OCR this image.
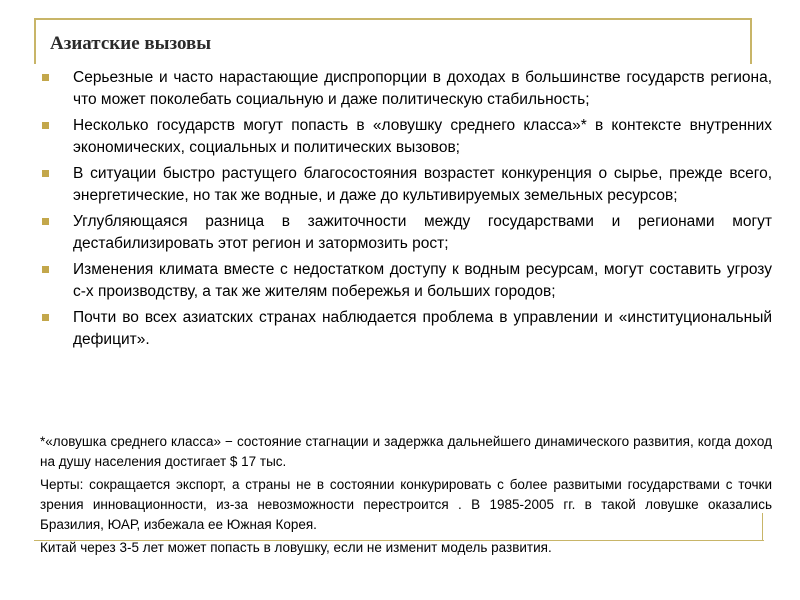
Азиатские вызовы
Серьезные и часто нарастающие диспропорции в доходах в большинстве государств региона, что может поколебать социальную и даже политическую стабильность;
Несколько государств могут попасть в «ловушку среднего класса»* в контексте внутренних экономических, социальных и политических вызовов;
В ситуации быстро растущего благосостояния возрастет конкуренция о сырье, прежде всего, энергетические, но так же водные, и даже до культивируемых земельных ресурсов;
Углубляющаяся разница в зажиточности между государствами и регионами могут дестабилизировать этот регион и затормозить рост;
Изменения климата вместе с недостатком доступу к водным ресурсам, могут составить угрозу с-х производству, а так же жителям побережья и больших городов;
Почти во всех азиатских странах наблюдается проблема в управлении и «институциональный дефицит».

*«ловушка среднего класса» − состояние стагнации и задержка дальнейшего динамического развития, когда доход на душу населения достигает $ 17 тыс.

Черты: сокращается экспорт, а страны не в состоянии конкурировать с более развитыми государствами с точки зрения инновационности, из-за невозможности перестроится . В 1985-2005 гг. в такой ловушке оказались Бразилия, ЮАР, избежала ее Южная Корея.

Китай через 3-5 лет может попасть в ловушку, если не изменит модель развития.
